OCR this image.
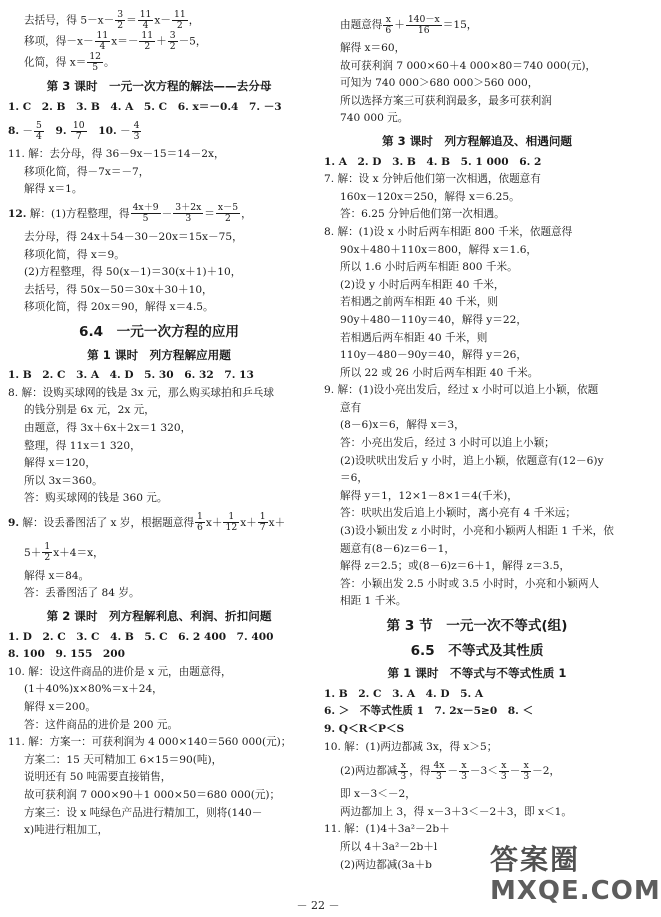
去括号，得 $5-x- \frac{3}{2} = \frac{11}{4} x- \frac{11}{2}$ ，
移项，得$-x- \frac{11}{4} x=- \frac{11}{2} + \frac{3}{2} -5$，
化简，得 $x= \frac{12}{5}$ 。
第 3 课时　一元一次方程的解法——去分母
1. C　2. B　3. B　4. A　5. C　6. x＝－0.4　7. －3
8. － $\frac{5}{4}$
　 9. $\frac{10}{7}$
　 10. － $\frac{4}{3}$
11. 解：去分母，得 36－9x－15＝14－2x，
移项化简，得－7x＝－7，
解得 x＝1。
12. 解：(1)方程整理，得 $\frac{4x+9}{5} - \frac{3+2x}{3} = \frac{x-5}{2}$ ，
去分母，得 24x＋54－30－20x＝15x－75，
移项化简，得 x＝9。
(2)方程整理，得 50(x－1)＝30(x＋1)＋10，
去括号，得 50x－50＝30x＋30＋10，
移项化简，得 20x＝90，解得 x＝4.5。
6.4　一元一次方程的应用
第 1 课时　列方程解应用题
1. B　2. C　3. A　4. D　5. 30　6. 32　7. 13
8. 解：设购买球网的钱是 3x 元，那么购买球拍和乒乓球
的钱分别是 6x 元，2x 元，
由题意，得 3x＋6x＋2x＝1 320，
整理，得 11x＝1 320，
解得 x＝120，
所以 3x＝360。
答：购买球网的钱是 360 元。
9. 解：设丢番图活了 x 岁，根据题意得 $\frac{1}{6} x+ \frac{1}{12} x+ \frac{1}{7} x+$
$5+ \frac{1}{2} x+4=x$，
解得 x＝84。
答：丢番图活了 84 岁。
第 2 课时　列方程解利息、利润、折扣问题
1. D　2. C　3. C　4. B　5. C　6. 2 400　7. 400
8. 100　9. 155　200
10. 解：设这件商品的进价是 x 元，由题意得，
(1＋40%)x×80%＝x＋24，
解得 x＝200。
答：这件商品的进价是 200 元。
11. 解：方案一：可获利润为 4 000×140＝560 000(元)；
方案二：15 天可精加工 6×15＝90(吨)，
说明还有 50 吨需要直接销售，
故可获利润 7 000×90＋1 000×50＝680 000(元)；
方案三：设 x 吨绿色产品进行精加工，则将(140－
x)吨进行粗加工，
由题意得 $\frac{x}{6} + \frac{140-x}{16} =15$，
解得 x＝60，
故可获利润 7 000×60＋4 000×80＝740 000(元)，
可知为 740 000＞680 000＞560 000，
所以选择方案三可获利润最多，最多可获利润
740 000 元。
第 3 课时　列方程解追及、相遇问题
1. A　2. D　3. B　4. B　5. 1 000　6. 2
7. 解：设 x 分钟后他们第一次相遇，依题意有
160x－120x＝250，解得 x＝6.25。
答：6.25 分钟后他们第一次相遇。
8. 解：(1)设 x 小时后两车相距 800 千米，依题意得
90x＋480＋110x＝800，解得 x＝1.6，
所以 1.6 小时后两车相距 800 千米。
(2)设 y 小时后两车相距 40 千米，
若相遇之前两车相距 40 千米，则
90y＋480－110y＝40，解得 y＝22，
若相遇后两车相距 40 千米，则
110y－480－90y＝40，解得 y＝26，
所以 22 或 26 小时后两车相距 40 千米。
9. 解：(1)设小亮出发后，经过 x 小时可以追上小颖，依题
意有
(8－6)x＝6，解得 x＝3，
答：小亮出发后，经过 3 小时可以追上小颖；
(2)设吠吠出发后 y 小时，追上小颖，依题意有(12－6)y
＝6，
解得 y＝1，12×1－8×1＝4(千米)，
答：吠吠出发后追上小颖时，离小亮有 4 千米远；
(3)设小颖出发 z 小时时，小亮和小颖两人相距 1 千米，依
题意有(8－6)z＝6－1，
解得 z＝2.5；或(8－6)z＝6＋1，解得 z＝3.5，
答：小颖出发 2.5 小时或 3.5 小时时，小亮和小颖两人
相距 1 千米。
第 3 节　一元一次不等式(组)
6.5　不等式及其性质
第 1 课时　不等式与不等式性质 1
1. B　2. C　3. A　4. D　5. A
6. ＞　不等式性质 1　7. 2x－5≥0　8. ＜
9. Q＜R＜P＜S
10. 解：(1)两边都减 3x，得 x＞5；
(2)两边都减 $\frac{x}{3}$ ，得 $\frac{4x}{3} - \frac{x}{3} -3< \frac{x}{3} - \frac{x}{3} -2$，
即 x－3＜－2，
两边都加上 3，得 x－3＋3＜－2＋3，即 x＜1。
11. 解：(1)4＋3a²－2b＋
所以 4＋3a²－2b＋l
(2)两边都减(3a＋b
－ 22 －
答案圈
MXQE.COM
